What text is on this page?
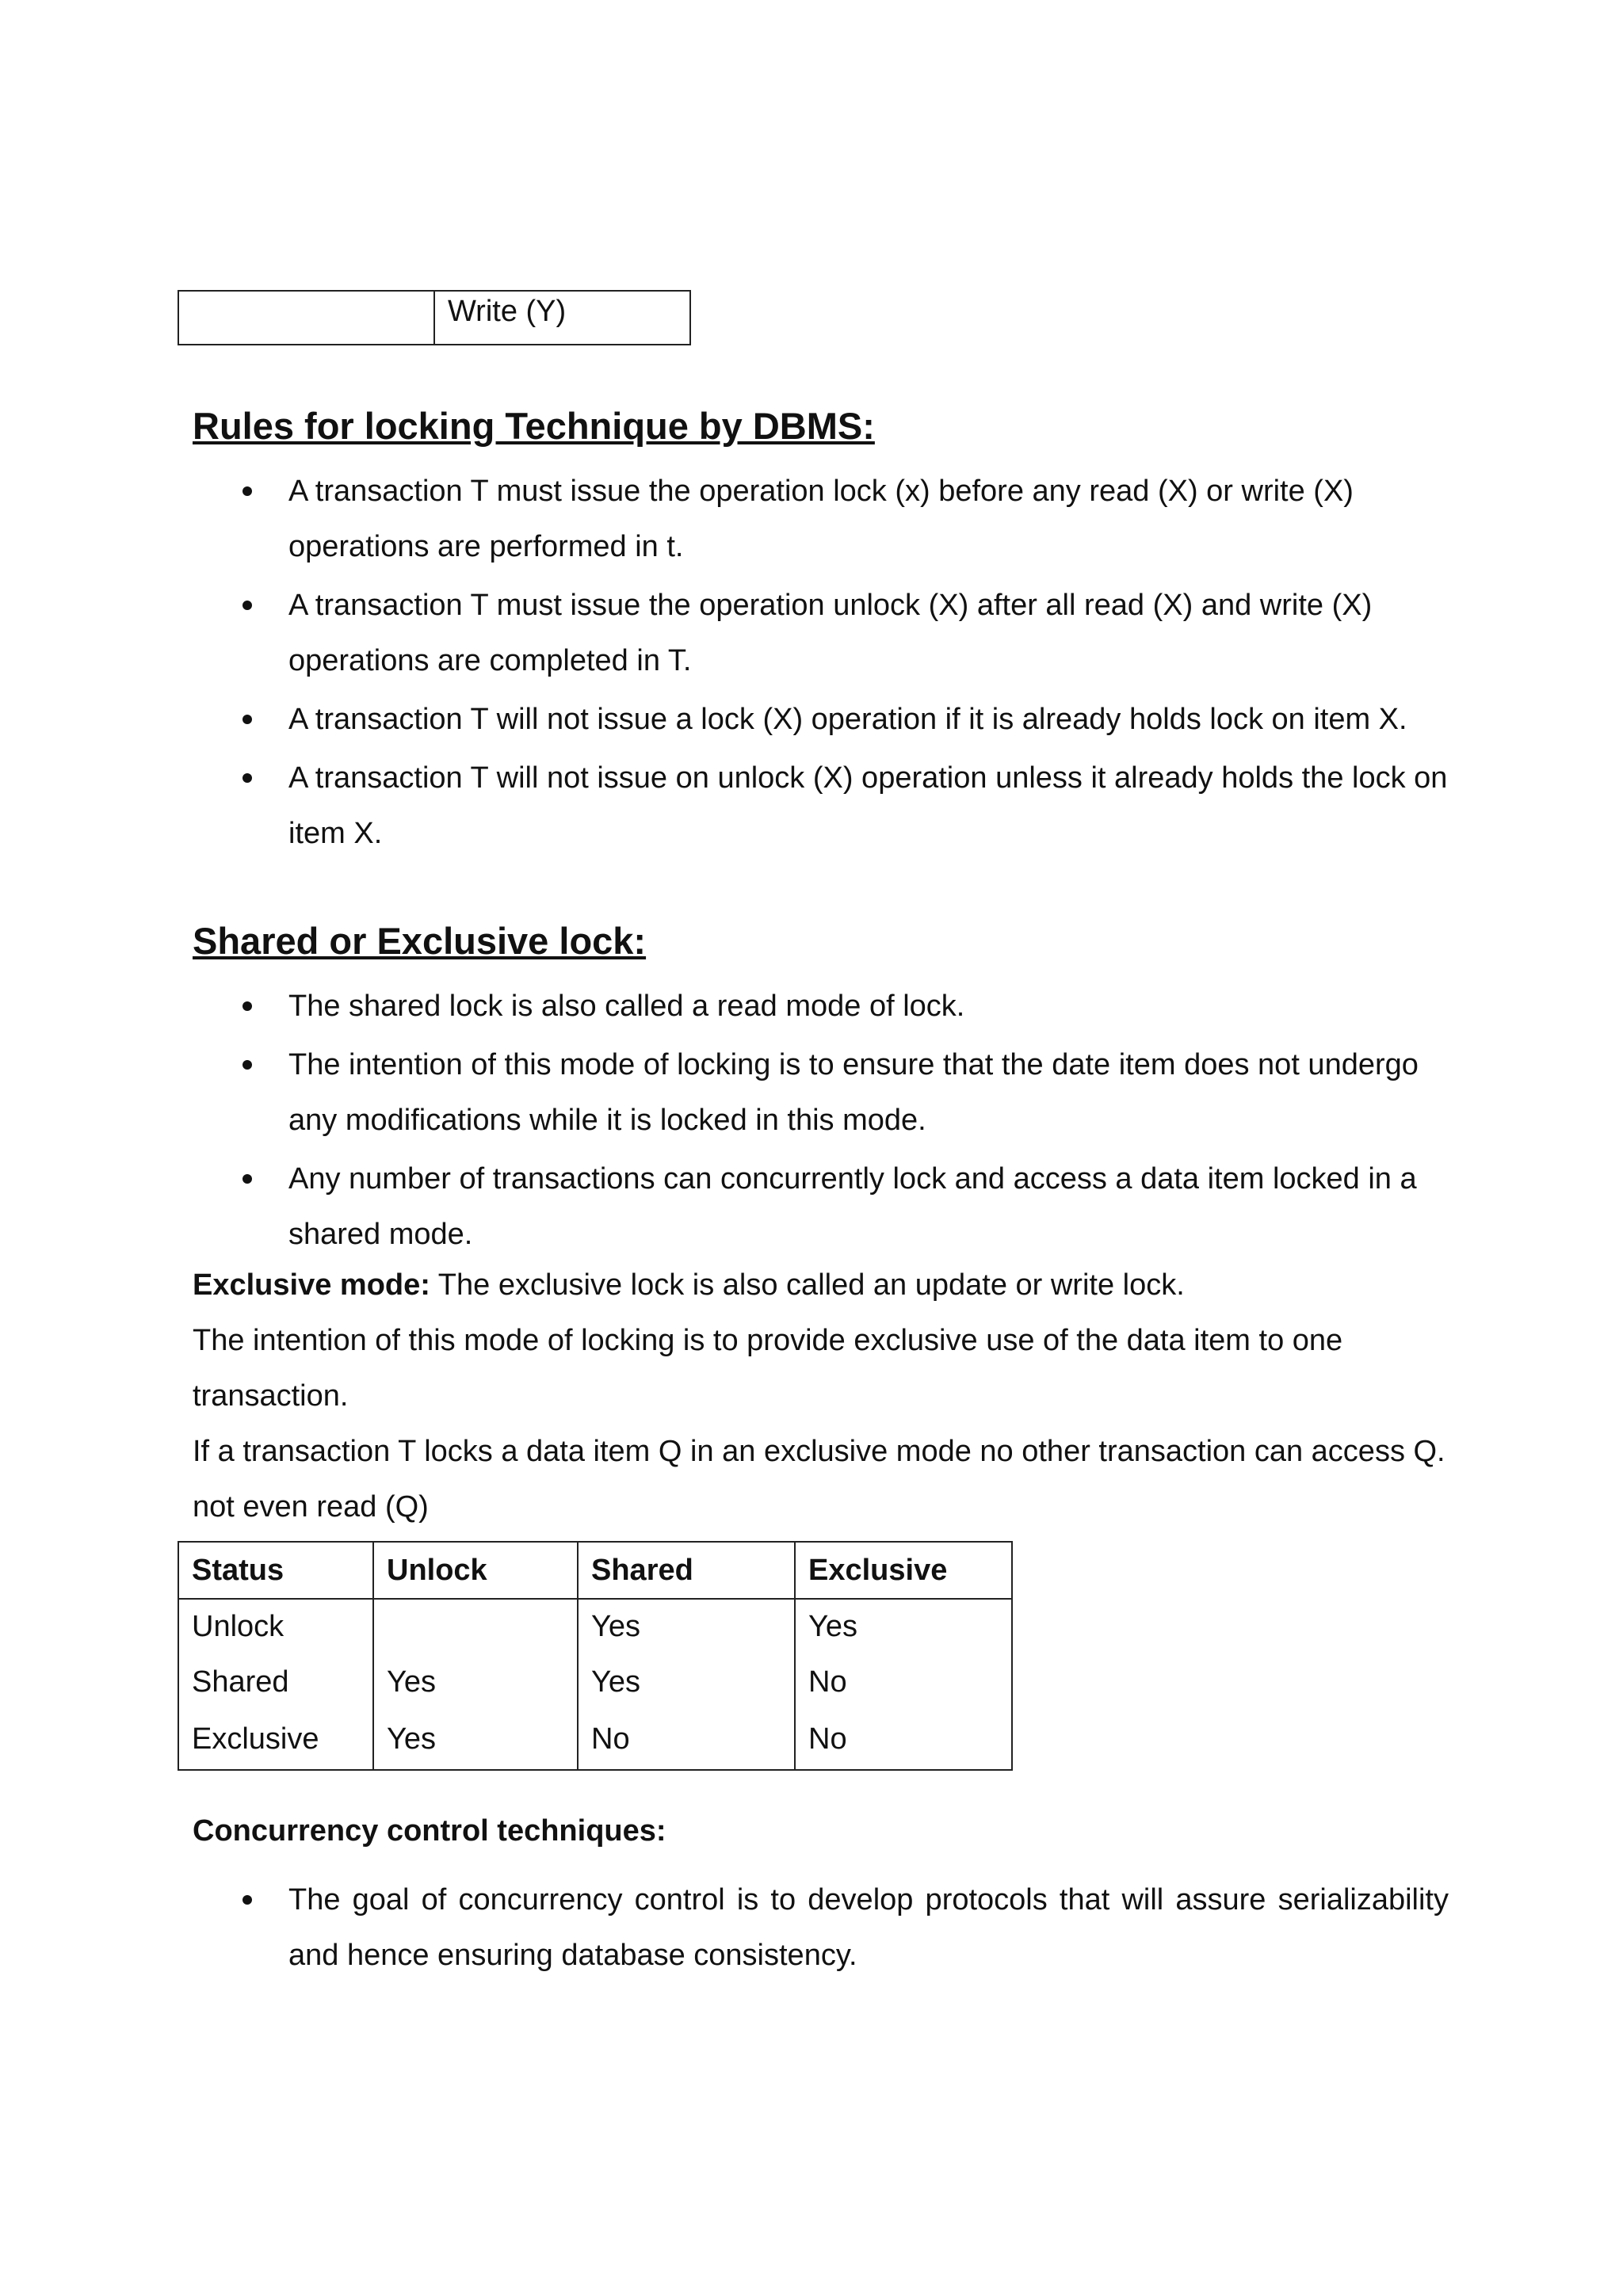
	Write (Y)
Rules for locking Technique by DBMS:
A transaction T must issue the operation lock (x) before any read (X) or write (X) operations are performed in t.
A transaction T must issue the operation unlock (X) after all read (X) and write (X) operations are completed in T.
A transaction T will not issue a lock (X) operation if it is already holds lock on item X.
A transaction T will not issue on unlock (X) operation unless it already holds the lock on item X.
Shared or Exclusive lock:
The shared lock is also called a read mode of lock.
The intention of this mode of locking is to ensure that the date item does not undergo any modifications while it is locked in this mode.
Any number of transactions can concurrently lock and access a data item locked in a shared mode.

Exclusive mode: The exclusive lock is also called an update or write lock.

The intention of this mode of locking is to provide exclusive use of the data item to one transaction.

If a transaction T locks a data item Q in an exclusive mode no other transaction can access Q. not even read (Q)

Status	Unlock	Shared	Exclusive
Unlock		Yes	Yes
Shared	Yes	Yes	No
Exclusive	Yes	No	No
Concurrency control techniques:
The goal of concurrency control is to develop protocols that will assure serializability and hence ensuring database consistency.
